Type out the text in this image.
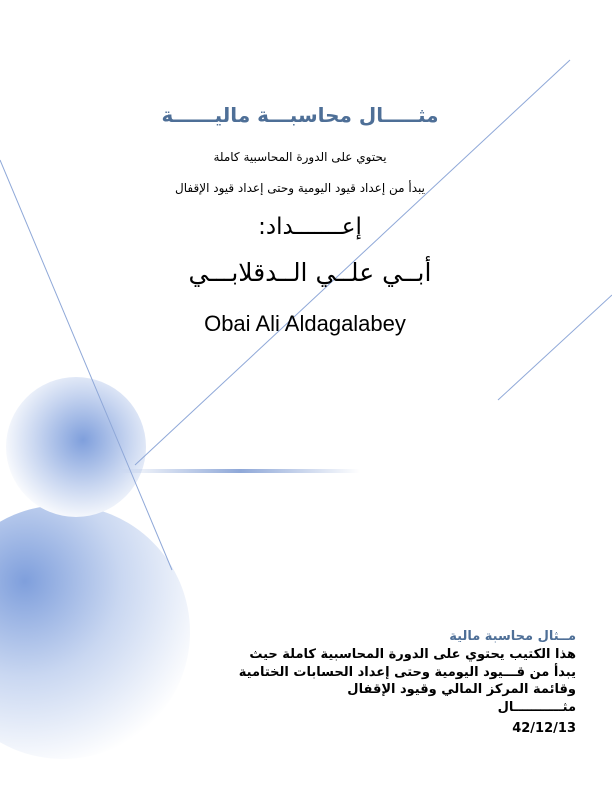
مثـــــال محاسبـــة ماليــــــة
يحتوي على الدورة المحاسبية كاملة
يبدأ من إعداد قيود اليومية وحتى إعداد قيود الإقفال
إعـــــــداد:
أبــي علــي الــدقلابـــي
Obai Ali Aldagalabey
مــثال محاسبة مالية
هذا الكتيب يحتوي على الدورة المحاسبية كاملة حيث
يبدأ من قـــيود اليومية وحتى إعداد الحسابات الختامية
وقائمة المركز المالي وقيود الإقفال
مثـــــــــــال
42/12/13
